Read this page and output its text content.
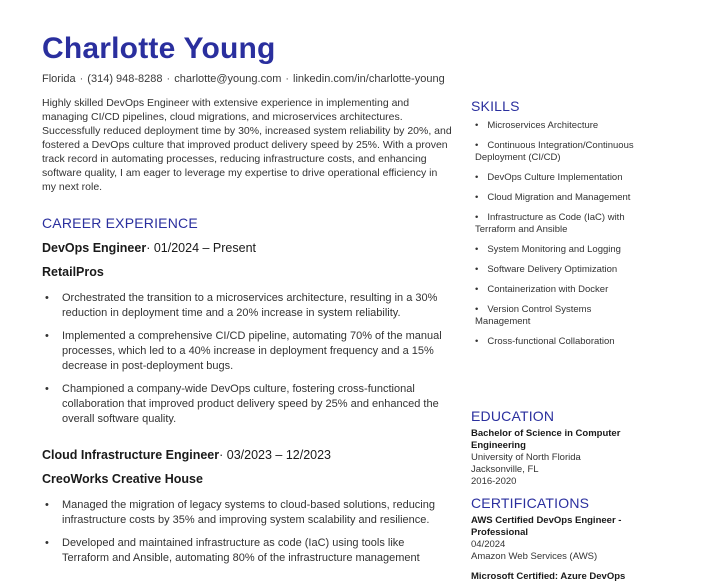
Charlotte Young
Florida · (314) 948-8288 · charlotte@young.com · linkedin.com/in/charlotte-young
Highly skilled DevOps Engineer with extensive experience in implementing and managing CI/CD pipelines, cloud migrations, and microservices architectures. Successfully reduced deployment time by 30%, increased system reliability by 20%, and fostered a DevOps culture that improved product delivery speed by 25%. With a proven track record in automating processes, reducing infrastructure costs, and enhancing software quality, I am eager to leverage my expertise to drive operational efficiency in my next role.
CAREER EXPERIENCE
DevOps Engineer· 01/2024 – Present
RetailPros
• Orchestrated the transition to a microservices architecture, resulting in a 30% reduction in deployment time and a 20% increase in system reliability.
• Implemented a comprehensive CI/CD pipeline, automating 70% of the manual processes, which led to a 40% increase in deployment frequency and a 15% decrease in post-deployment bugs.
• Championed a company-wide DevOps culture, fostering cross-functional collaboration that improved product delivery speed by 25% and enhanced the overall software quality.
Cloud Infrastructure Engineer· 03/2023 – 12/2023
CreoWorks Creative House
• Managed the migration of legacy systems to cloud-based solutions, reducing infrastructure costs by 35% and improving system scalability and resilience.
• Developed and maintained infrastructure as code (IaC) using tools like Terraform and Ansible, automating 80% of the infrastructure management
SKILLS
• Microservices Architecture
• Continuous Integration/Continuous Deployment (CI/CD)
• DevOps Culture Implementation
• Cloud Migration and Management
• Infrastructure as Code (IaC) with Terraform and Ansible
• System Monitoring and Logging
• Software Delivery Optimization
• Containerization with Docker
• Version Control Systems Management
• Cross-functional Collaboration
EDUCATION
Bachelor of Science in Computer Engineering
University of North Florida
Jacksonville, FL
2016-2020
CERTIFICATIONS
AWS Certified DevOps Engineer - Professional
04/2024
Amazon Web Services (AWS)
Microsoft Certified: Azure DevOps
